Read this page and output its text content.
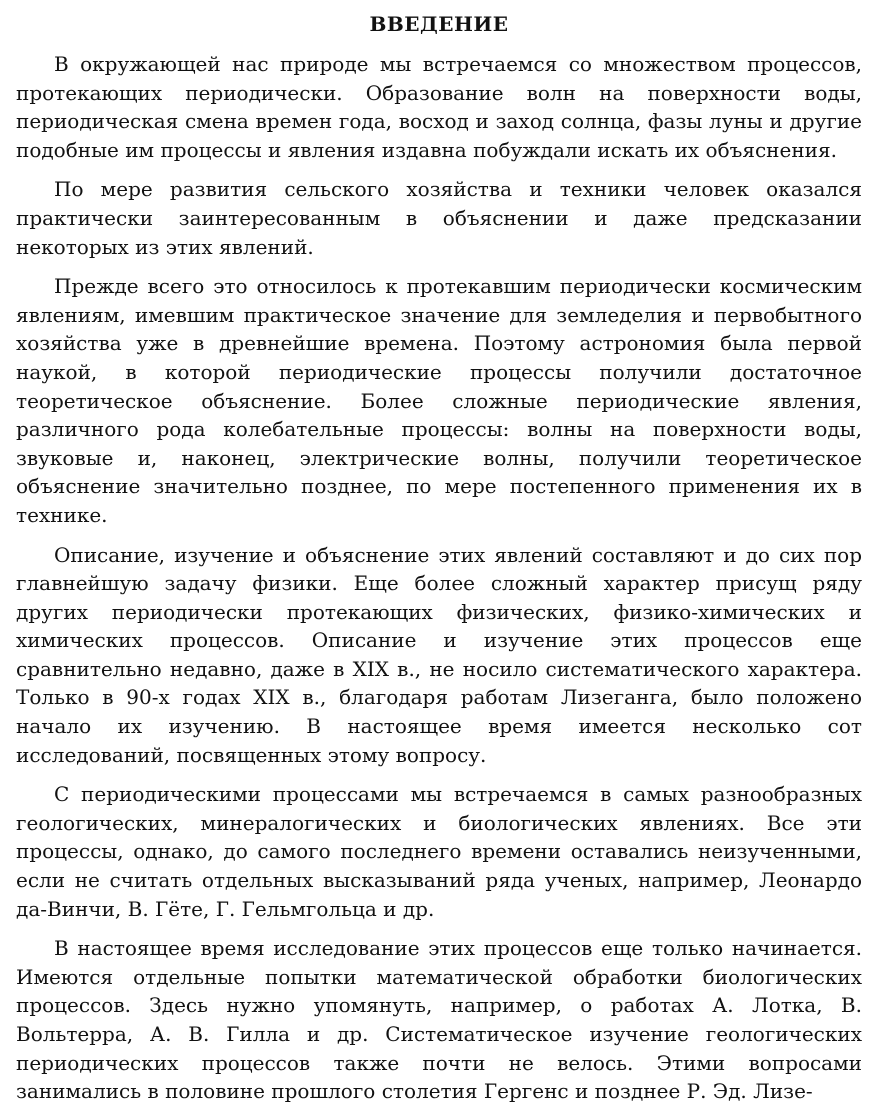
ВВЕДЕНИЕ

В окружающей нас природе мы встречаемся со множеством процессов, протекающих периодически. Образование волн на поверхности воды, периодическая смена времен года, восход и заход солнца, фазы луны и другие подобные им процессы и явления издавна побуждали искать их объяснения.

По мере развития сельского хозяйства и техники человек оказался практически заинтересованным в объяснении и даже предсказании некоторых из этих явлений.

Прежде всего это относилось к протекавшим периодически космическим явлениям, имевшим практическое значение для земледелия и первобытного хозяйства уже в древнейшие времена. Поэтому астрономия была первой наукой, в которой периодические процессы получили достаточное теоретическое объяснение. Более сложные периодические явления, различного рода колебательные процессы: волны на поверхности воды, звуковые и, наконец, электрические волны, получили теоретическое объяснение значительно позднее, по мере постепенного применения их в технике.

Описание, изучение и объяснение этих явлений составляют и до сих пор главнейшую задачу физики. Еще более сложный характер присущ ряду других периодически протекающих физических, физико-химических и химических процессов. Описание и изучение этих процессов еще сравнительно недавно, даже в XIX в., не носило систематического характера. Только в 90-х годах XIX в., благодаря работам Лизеганга, было положено начало их изучению. В настоящее время имеется несколько сот исследований, посвященных этому вопросу.

С периодическими процессами мы встречаемся в самых разнообразных геологических, минералогических и биологических явлениях. Все эти процессы, однако, до самого последнего времени оставались неизученными, если не считать отдельных высказываний ряда ученых, например, Леонардо да-Винчи, В. Гёте, Г. Гельмгольца и др.

В настоящее время исследование этих процессов еще только начинается. Имеются отдельные попытки математической обработки биологических процессов. Здесь нужно упомянуть, например, о работах А. Лотка, В. Вольтерра, А. В. Гилла и др. Систематическое изучение геологических периодических процессов также почти не велось. Этими вопросами занимались в половине прошлого столетия Гергенс и позднее Р. Эд. Лизе-
